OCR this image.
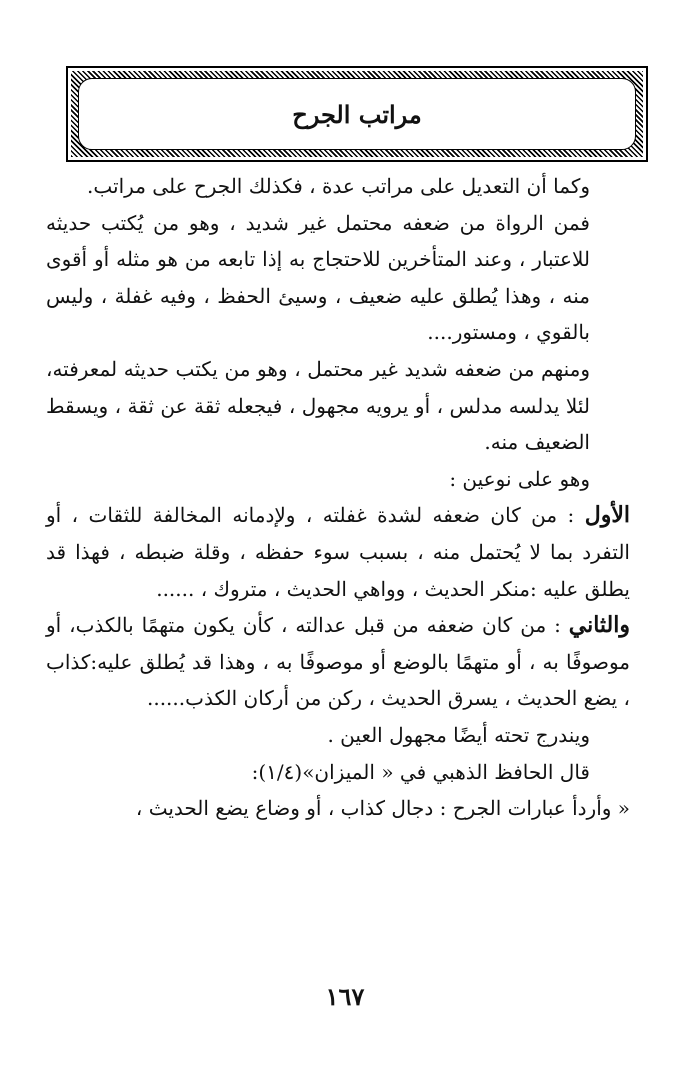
مراتب الجرح

وكما أن التعديل على مراتب عدة ، فكذلك الجرح على مراتب.

فمن الرواة من ضعفه محتمل غير شديد ، وهو من يُكتب حديثه للاعتبار ، وعند المتأخرين للاحتجاج به إذا تابعه من هو مثله أو أقوى منه ، وهذا يُطلق عليه ضعيف ، وسيئ الحفظ ، وفيه غفلة ، وليس بالقوي ، ومستور....

ومنهم من ضعفه شديد غير محتمل ، وهو من يكتب حديثه لمعرفته، لئلا يدلسه مدلس ، أو يرويه مجهول ، فيجعله ثقة عن ثقة ، ويسقط الضعيف منه.

وهو على نوعين :

الأول : من كان ضعفه لشدة غفلته ، ولإدمانه المخالفة للثقات ، أو التفرد بما لا يُحتمل منه ، بسبب سوء حفظه ، وقلة ضبطه ، فهذا قد يطلق عليه :منكر الحديث ، وواهي الحديث ، متروك ، ......

والثاني : من كان ضعفه من قبل عدالته ، كأن يكون متهمًا بالكذب، أو موصوفًا به ، أو متهمًا بالوضع أو موصوفًا به ، وهذا قد يُطلق عليه:كذاب ، يضع الحديث ، يسرق الحديث ، ركن من أركان الكذب......

ويندرج تحته أيضًا مجهول العين .

قال الحافظ الذهبي في « الميزان»(١/٤):

« وأردأ عبارات الجرح : دجال كذاب ، أو وضاع يضع الحديث ،

١٦٧
